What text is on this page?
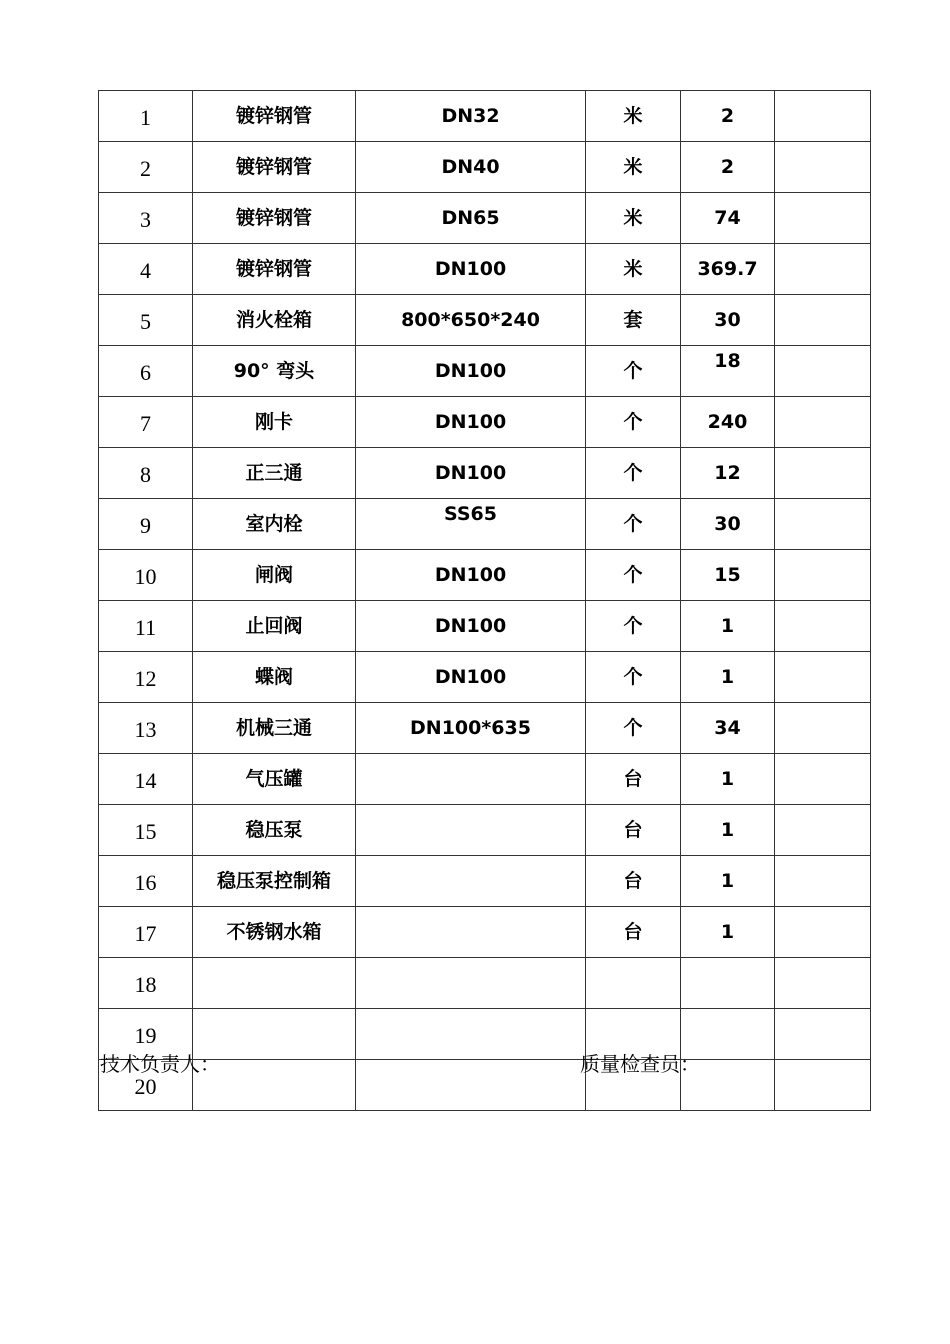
1	镀锌钢管	DN32	米	2	
2	镀锌钢管	DN40	米	2	
3	镀锌钢管	DN65	米	74	
4	镀锌钢管	DN100	米	369.7	
5	消火栓箱	800*650*240	套	30	
6	90° 弯头	DN100	个	18	
7	刚卡	DN100	个	240	
8	正三通	DN100	个	12	
9	室内栓	SS65	个	30	
10	闸阀	DN100	个	15	
11	止回阀	DN100	个	1	
12	蝶阀	DN100	个	1	
13	机械三通	DN100*635	个	34	
14	气压罐		台	1	
15	稳压泵		台	1	
16	稳压泵控制箱		台	1	
17	不锈钢水箱		台	1	
18					
19					
20					
技术负责人：	质量检查员：
